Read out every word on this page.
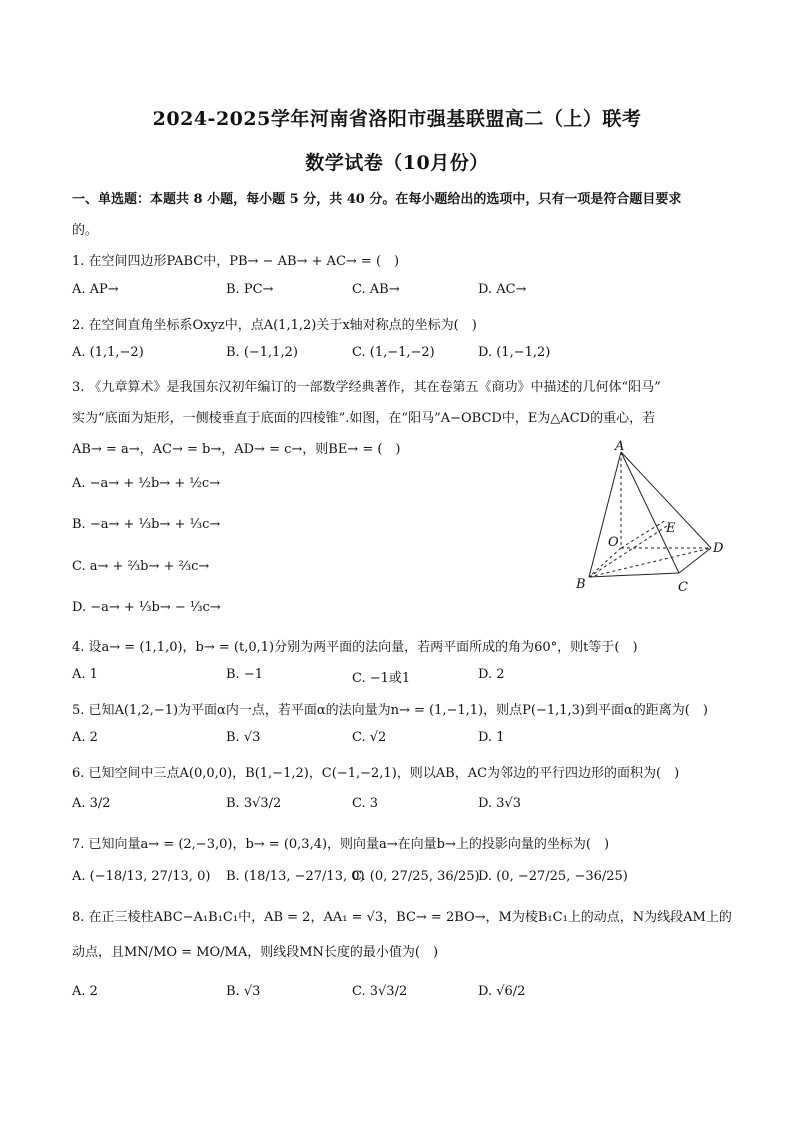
2024-2025学年河南省洛阳市强基联盟高二（上）联考
数学试卷（10月份）
一、单选题：本题共 8 小题，每小题 5 分，共 40 分。在每小题给出的选项中，只有一项是符合题目要求
的。
1. 在空间四边形PABC中，PB→ − AB→ + AC→ = (　)
A. AP→	B. PC→	C. AB→	D. AC→
2. 在空间直角坐标系Oxyz中，点A(1,1,2)关于x轴对称点的坐标为(　)
A. (1,1,−2)	B. (−1,1,2)	C. (1,−1,−2)	D. (1,−1,2)
3. 《九章算术》是我国东汉初年编订的一部数学经典著作，其在卷第五《商功》中描述的几何体“阳马”
实为“底面为矩形，一侧棱垂直于底面的四棱锥”.如图，在“阳马”A−OBCD中，E为△ACD的重心，若
AB→ = a→，AC→ = b→，AD→ = c→，则BE→ = (　)
A. −a→ + ½b→ + ½c→
B. −a→ + ⅓b→ + ⅓c→
C. a→ + ⅔b→ + ⅔c→
D. −a→ + ⅓b→ − ⅓c→
A
E
O	D
B	C
4. 设a→ = (1,1,0)，b→ = (t,0,1)分别为两平面的法向量，若两平面所成的角为60°，则t等于(　)
A. 1	B. −1	C. −1或1	D. 2
5. 已知A(1,2,−1)为平面α内一点，若平面α的法向量为n→ = (1,−1,1)，则点P(−1,1,3)到平面α的距离为(　)
A. 2	B. √3	C. √2	D. 1
6. 已知空间中三点A(0,0,0)，B(1,−1,2)，C(−1,−2,1)，则以AB，AC为邻边的平行四边形的面积为(　)
A. 3/2	B. 3√3/2	C. 3	D. 3√3
7. 已知向量a→ = (2,−3,0)，b→ = (0,3,4)，则向量a→在向量b→上的投影向量的坐标为(　)
A. (−18/13, 27/13, 0) B. (18/13, −27/13, 0)
C. (0, 27/25, 36/25)
D. (0, −27/25, −36/25)
8. 在正三棱柱ABC−A₁B₁C₁中，AB = 2，AA₁ = √3，BC→ = 2BO→，M为棱B₁C₁上的动点，N为线段AM上的
动点，且MN/MO = MO/MA，则线段MN长度的最小值为(　)
A. 2	B. √3	C. 3√3/2	D. √6/2
